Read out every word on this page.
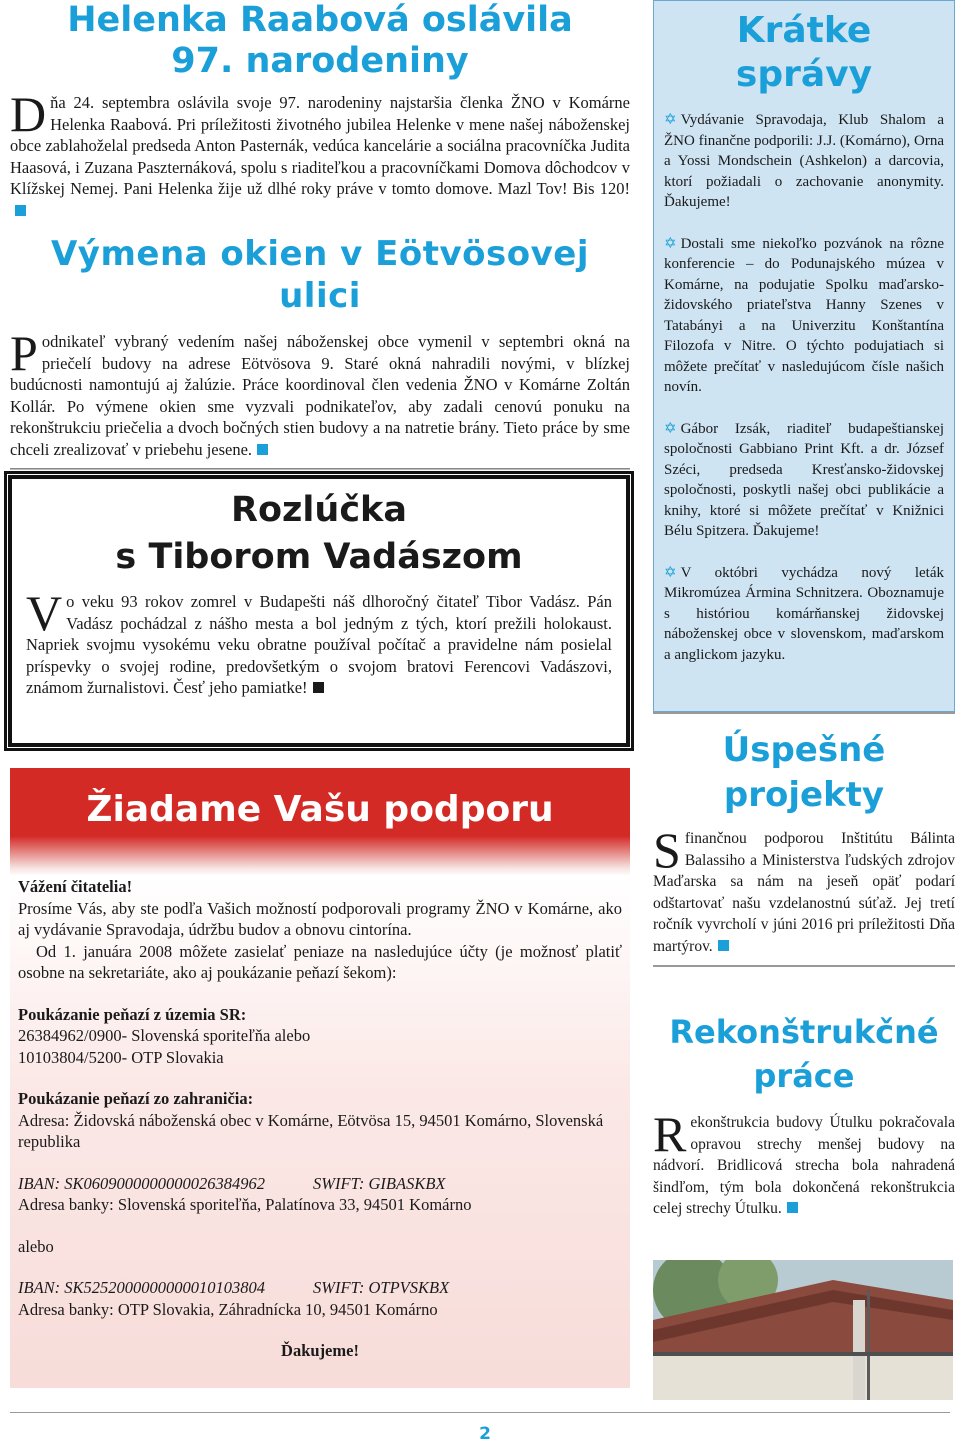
Helenka Raabová oslávila
97. narodeniny

Dňa 24. septembra oslávila svoje 97. narodeniny najstaršia členka ŽNO v Komárne Helenka Raabová. Pri príležitosti životného jubilea Helenke v mene našej náboženskej obce zablahoželal predseda Anton Pasternák, vedúca kancelárie a sociálna pracovníčka Judita Haasová, i Zuzana Paszternáková, spolu s riaditeľkou a pracovníčkami Domova dôchodcov v Klížskej Nemej. Pani Helenka žije už dlhé roky práve v tomto domove. Mazl Tov! Bis 120!

Výmena okien v Eötvösovej ulici

Podnikateľ vybraný vedením našej náboženskej obce vymenil v septembri okná na priečelí budovy na adrese Eötvösova 9. Staré okná nahradili novými, v blízkej budúcnosti namontujú aj žalúzie. Práce koordinoval člen vedenia ŽNO v Komárne Zoltán Kollár. Po výmene okien sme vyzvali podnikateľov, aby zadali cenovú ponuku na rekonštrukciu priečelia a dvoch bočných stien budovy a na natretie brány. Tieto práce by sme chceli zrealizovať v priebehu jesene.

Rozlúčka
s Tiborom Vadászom

Vo veku 93 rokov zomrel v Budapešti náš dlhoročný čitateľ Tibor Vadász. Pán Vadász pochádzal z nášho mesta a bol jedným z tých, ktorí prežili holokaust. Napriek svojmu vysokému veku obratne používal počítač a pravidelne nám posielal príspevky o svojej rodine, predovšetkým o svojom bratovi Ferencovi Vadászovi, známom žurnalistovi. Česť jeho pamiatke!

Žiadame Vašu podporu

Vážení čitatelia!

Prosíme Vás, aby ste podľa Vašich možností podporovali programy ŽNO v Komárne, ako aj vydávanie Spravodaja, údržbu budov a obnovu cintorína.

Od 1. januára 2008 môžete zasielať peniaze na nasledujúce účty (je možnosť platiť osobne na sekretariáte, ako aj poukázanie peňazí šekom):

Poukázanie peňazí z územia SR:

26384962/0900- Slovenská sporiteľňa alebo

10103804/5200- OTP Slovakia

Poukázanie peňazí zo zahraničia:

Adresa: Židovská náboženská obec v Komárne, Eötvösa 15, 94501 Komárno, Slovenská republika

IBAN: SK0609000000000026384962	SWIFT: GIBASKBX

Adresa banky: Slovenská sporiteľňa, Palatínova 33, 94501 Komárno

alebo

IBAN: SK5252000000000010103804	SWIFT: OTPVSKBX

Adresa banky: OTP Slovakia, Záhradnícka 10, 94501 Komárno

Ďakujeme!

Krátke správy

✡ Vydávanie Spravodaja, Klub Shalom a ŽNO finančne podporili: J.J. (Komárno), Orna a Yossi Mondschein (Ashkelon) a darcovia, ktorí požiadali o zachovanie anonymity. Ďakujeme!

✡ Dostali sme niekoľko pozvánok na rôzne konferencie – do Podunajského múzea v Komárne, na podujatie Spolku maďarsko-židovského priateľstva Hanny Szenes v Tatabányi a na Univerzitu Konštantína Filozofa v Nitre. O týchto podujatiach si môžete prečítať v nasledujúcom čísle našich novín.

✡ Gábor Izsák, riaditeľ budapeštianskej spoločnosti Gabbiano Print Kft. a dr. József Széci, predseda Kresťansko-židovskej spoločnosti, poskytli našej obci publikácie a knihy, ktoré si môžete prečítať v Knižnici Bélu Spitzera. Ďakujeme!

✡ V októbri vychádza nový leták Mikromúzea Ármina Schnitzera. Oboznamuje s históriou komárňanskej židovskej náboženskej obce v slovenskom, maďarskom a anglickom jazyku.

Úspešné
projekty

Sfinančnou podporou Inštitútu Bálinta Balassiho a Ministerstva ľudských zdrojov Maďarska sa nám na jeseň opäť podarí odštartovať našu vzdelanostnú súťaž. Jej tretí ročník vyvrcholí v júni 2016 pri príležitosti Dňa martýrov.

Rekonštrukčné
práce

Rekonštrukcia budovy Útulku pokračovala opravou strechy menšej budovy na nádvorí. Bridlicová strecha bola nahradená šindľom, tým bola dokončená rekonštrukcia celej strechy Útulku.

2
